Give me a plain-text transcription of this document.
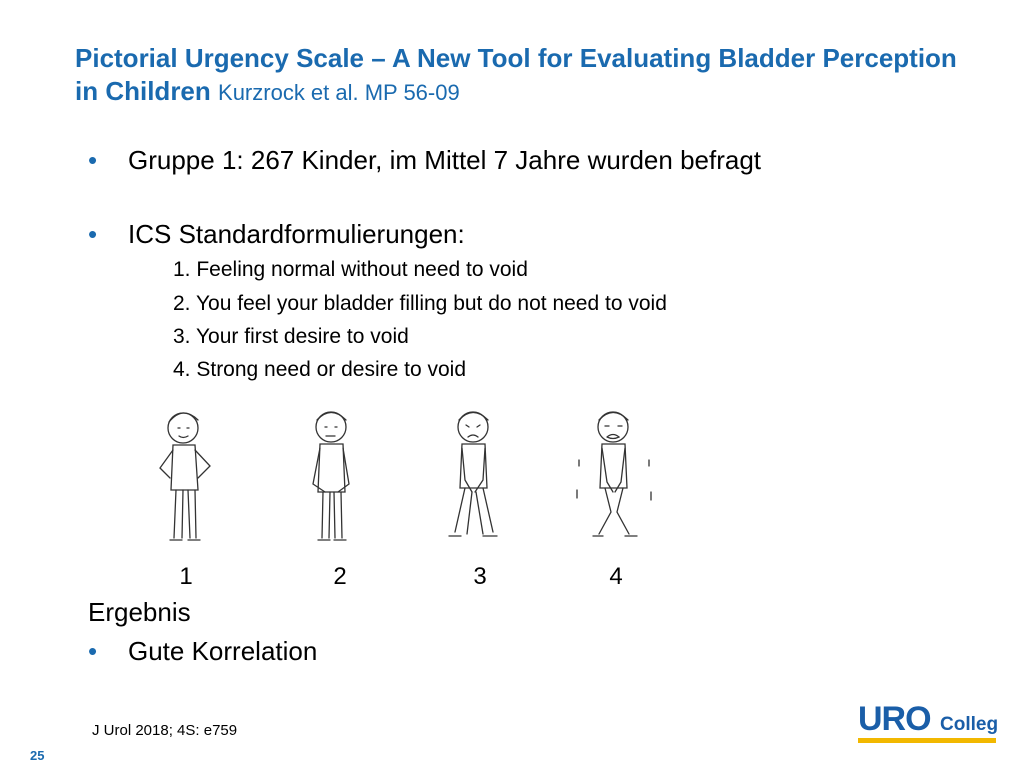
Pictorial Urgency Scale – A New Tool for Evaluating Bladder Perception in Children Kurzrock et al. MP 56-09
• Gruppe 1: 267 Kinder, im Mittel 7 Jahre wurden befragt
• ICS Standardformulierungen:
1. Feeling normal without need to void
2. You feel your bladder filling but do not need to void
3. Your first desire to void
4. Strong need or desire to void
1	2	3	4
Ergebnis
• Gute Korrelation
J Urol 2018; 4S: e759
25
URO Colleg
